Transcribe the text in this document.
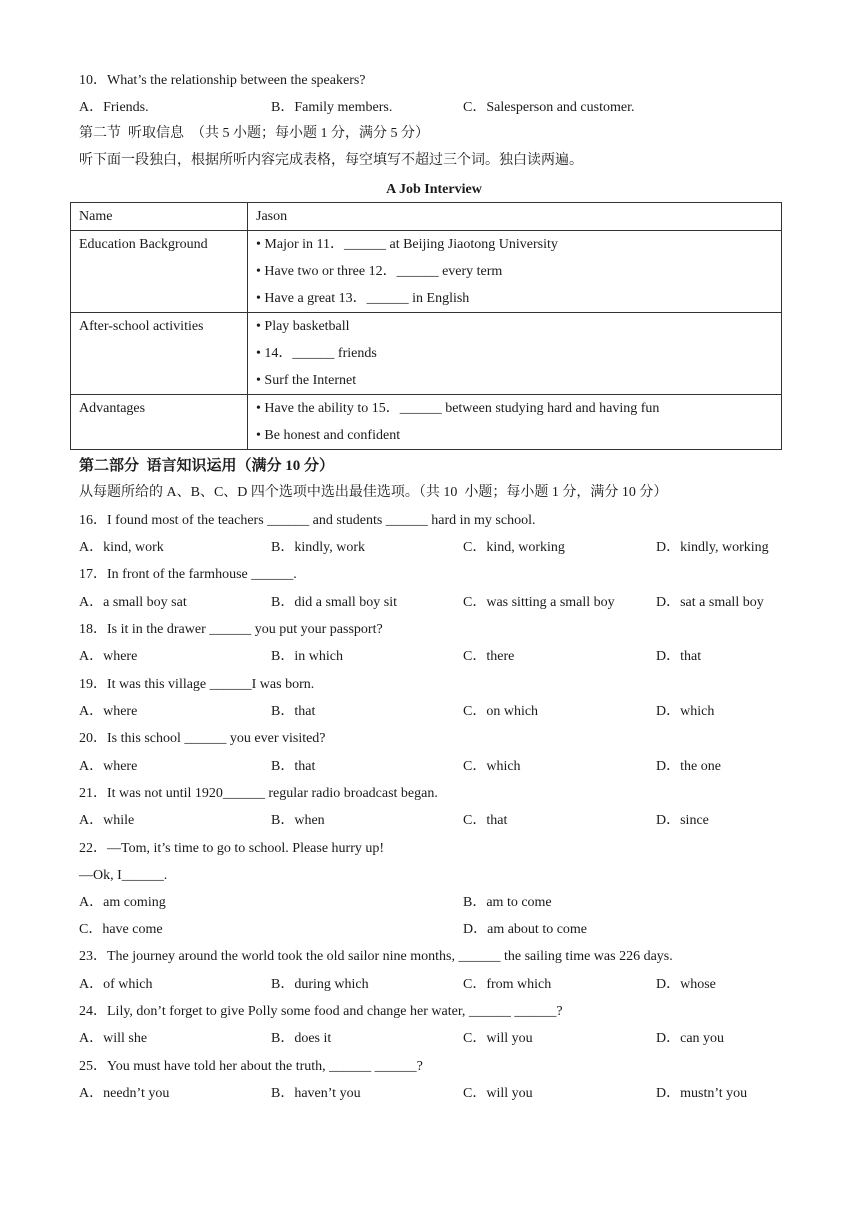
10．What’s the relationship between the speakers?
A．Friends.	B．Family members.	C．Salesperson and customer.
第二节  听取信息  （共 5 小题；每小题 1 分，满分 5 分）
听下面一段独白，根据所听内容完成表格，每空填写不超过三个词。独白读两遍。
A Job Interview
Name	Jason

Education Background	• Major in 11．______ at Beijing Jiaotong University
• Have two or three 12．______ every term
• Have a great 13．______ in English

After-school activities	• Play basketball
• 14．______ friends
• Surf the Internet

Advantages	• Have the ability to 15．______ between studying hard and having fun
• Be honest and confident
第二部分  语言知识运用（满分 10 分）
从每题所给的 A、B、C、D 四个选项中选出最佳选项。（共 10  小题；每小题 1 分，满分 10 分）
16．I found most of the teachers ______ and students ______ hard in my school.
A．kind, work	B．kindly, work	C．kind, working	D．kindly, working
17．In front of the farmhouse ______.
A．a small boy sat	B．did a small boy sit	C．was sitting a small boy	D．sat a small boy
18．Is it in the drawer ______ you put your passport?
A．where	B．in which	C．there	D．that
19．It was this village ______I was born.
A．where	B．that	C．on which	D．which
20．Is this school ______ you ever visited?
A．where	B．that	C．which	D．the one
21．It was not until 1920______ regular radio broadcast began.
A．while	B．when	C．that	D．since
22．—Tom, it’s time to go to school. Please hurry up!
—Ok, I______.
A．am coming	B．am to come
C．have come	D．am about to come
23．The journey around the world took the old sailor nine months, ______ the sailing time was 226 days.
A．of which	B．during which	C．from which	D．whose
24．Lily, don’t forget to give Polly some food and change her water, ______ ______?
A．will she	B．does it	C．will you	D．can you
25．You must have told her about the truth, ______ ______?
A．needn’t you	B．haven’t you	C．will you	D．mustn’t you
